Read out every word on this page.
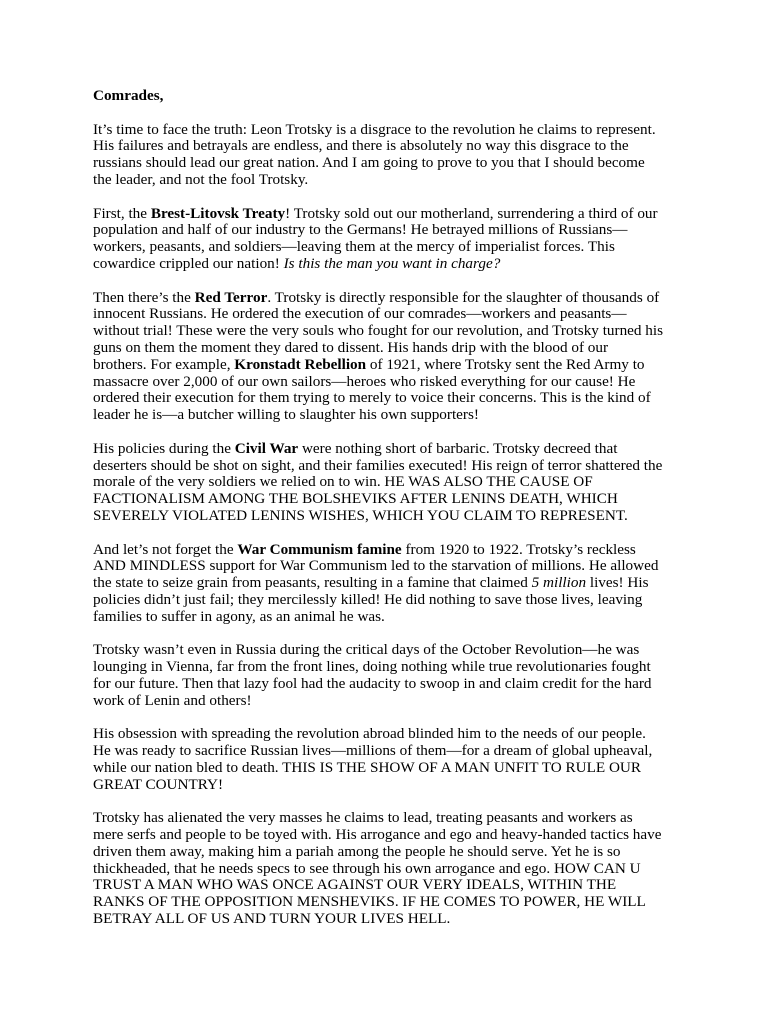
Comrades,
It’s time to face the truth: Leon Trotsky is a disgrace to the revolution he claims to represent.
His failures and betrayals are endless, and there is absolutely no way this disgrace to the
russians should lead our great nation. And I am going to prove to you that I should become
the leader, and not the fool Trotsky.
First, the Brest-Litovsk Treaty! Trotsky sold out our motherland, surrendering a third of our
population and half of our industry to the Germans! He betrayed millions of Russians—
workers, peasants, and soldiers—leaving them at the mercy of imperialist forces. This
cowardice crippled our nation! Is this the man you want in charge?
Then there’s the Red Terror. Trotsky is directly responsible for the slaughter of thousands of
innocent Russians. He ordered the execution of our comrades—workers and peasants—
without trial! These were the very souls who fought for our revolution, and Trotsky turned his
guns on them the moment they dared to dissent. His hands drip with the blood of our
brothers. For example, Kronstadt Rebellion of 1921, where Trotsky sent the Red Army to
massacre over 2,000 of our own sailors—heroes who risked everything for our cause! He
ordered their execution for them trying to merely to voice their concerns. This is the kind of
leader he is—a butcher willing to slaughter his own supporters!
His policies during the Civil War were nothing short of barbaric. Trotsky decreed that
deserters should be shot on sight, and their families executed! His reign of terror shattered the
morale of the very soldiers we relied on to win. HE WAS ALSO THE CAUSE OF
FACTIONALISM AMONG THE BOLSHEVIKS AFTER LENINS DEATH, WHICH
SEVERELY VIOLATED LENINS WISHES, WHICH YOU CLAIM TO REPRESENT.
And let’s not forget the War Communism famine from 1920 to 1922. Trotsky’s reckless
AND MINDLESS support for War Communism led to the starvation of millions. He allowed
the state to seize grain from peasants, resulting in a famine that claimed 5 million lives! His
policies didn’t just fail; they mercilessly killed! He did nothing to save those lives, leaving
families to suffer in agony, as an animal he was.
Trotsky wasn’t even in Russia during the critical days of the October Revolution—he was
lounging in Vienna, far from the front lines, doing nothing while true revolutionaries fought
for our future. Then that lazy fool had the audacity to swoop in and claim credit for the hard
work of Lenin and others!
His obsession with spreading the revolution abroad blinded him to the needs of our people.
He was ready to sacrifice Russian lives—millions of them—for a dream of global upheaval,
while our nation bled to death. THIS IS THE SHOW OF A MAN UNFIT TO RULE OUR
GREAT COUNTRY!
Trotsky has alienated the very masses he claims to lead, treating peasants and workers as
mere serfs and people to be toyed with. His arrogance and ego and heavy-handed tactics have
driven them away, making him a pariah among the people he should serve. Yet he is so
thickheaded, that he needs specs to see through his own arrogance and ego. HOW CAN U
TRUST A MAN WHO WAS ONCE AGAINST OUR VERY IDEALS, WITHIN THE
RANKS OF THE OPPOSITION MENSHEVIKS. IF HE COMES TO POWER, HE WILL
BETRAY ALL OF US AND TURN YOUR LIVES HELL.
